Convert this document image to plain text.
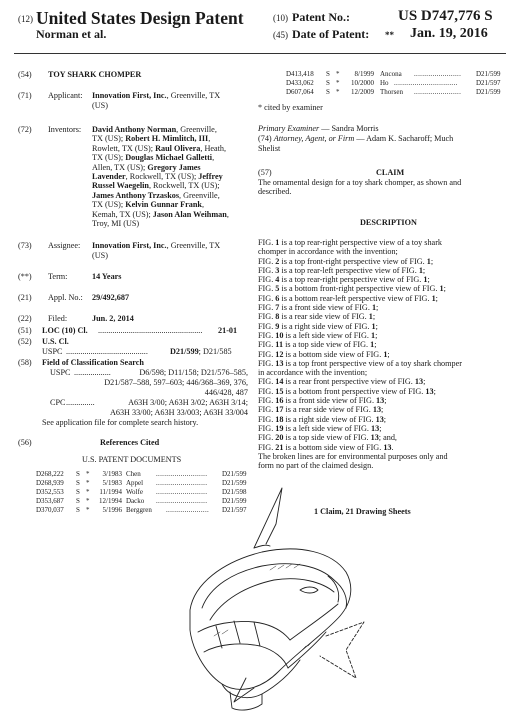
(12) United States Design Patent
Norman et al.
(10) Patent No.:	US D747,776 S
(45) Date of Patent: ** Jan. 19, 2016
(54) TOY SHARK CHOMPER
(71) Applicant: Innovation First, Inc., Greenville, TX
(US)
(72) Inventors: David Anthony Norman, Greenville,
TX (US); Robert H. Mimlitch, III,
Rowlett, TX (US); Raul Olivera, Heath,
TX (US); Douglas Michael Galletti,
Allen, TX (US); Gregory James
Lavender, Rockwell, TX (US); Jeffrey
Russel Waegelin, Rockwell, TX (US);
James Anthony Trzaskos, Greenville,
TX (US); Kelvin Gunnar Frank,
Kemah, TX (US); Jason Alan Weihman,
Troy, MI (US)
(73) Assignee: Innovation First, Inc., Greenville, TX
(US)
(**) Term:	14 Years
(21) Appl. No.: 29/492,687
(22) Filed:	Jun. 2, 2014
(51) LOC (10) Cl. ................................................... 21-01
(52) U.S. Cl.
USPC ........................................	D21/599; D21/585
(58) Field of Classification Search
USPC ..................	D6/598; D11/158; D21/576–585,
D21/587–588, 597–603; 446/368–369, 376,
446/428, 487
CPC ..............	A63H 3/00; A63H 3/02; A63H 3/14;
A63H 33/00; A63H 33/003; A63H 33/004
See application file for complete search history.
(56)	References Cited
U.S. PATENT DOCUMENTS
D268,222 S *	3/1983 Chen ......................... D21/599
D268,939 S *	5/1983 Appel ......................... D21/599
D352,553 S * 11/1994 Wolfe ......................... D21/598
D353,687 S * 12/1994 Dacko ......................... D21/599
D370,037 S *	5/1996 Berggren ..................... D21/597
D413,418 S *	8/1999 Ancona ....................... D21/599
D433,062 S *	10/2000 Ho ...............................	D21/597
D607,064 S *	12/2009 Thorsen ....................... D21/599
* cited by examiner
Primary Examiner — Sandra Morris
(74) Attorney, Agent, or Firm — Adam K. Sacharoff; Much
Shelist
(57)	CLAIM
The ornamental design for a toy shark chomper, as shown and
described.
DESCRIPTION
FIG. 1 is a top rear-right perspective view of a toy shark
chomper in accordance with the invention;
FIG. 2 is a top front-right perspective view of FIG. 1;
FIG. 3 is a top rear-left perspective view of FIG. 1;
FIG. 4 is a top rear-right perspective view of FIG. 1;
FIG. 5 is a bottom front-right perspective view of FIG. 1;
FIG. 6 is a bottom rear-left perspective view of FIG. 1;
FIG. 7 is a front side view of FIG. 1;
FIG. 8 is a rear side view of FIG. 1;
FIG. 9 is a right side view of FIG. 1;
FIG. 10 is a left side view of FIG. 1;
FIG. 11 is a top side view of FIG. 1;
FIG. 12 is a bottom side view of FIG. 1;
FIG. 13 is a top front perspective view of a toy shark chomper
in accordance with the invention;
FIG. 14 is a rear front perspective view of FIG. 13;
FIG. 15 is a bottom front perspective view of FIG. 13;
FIG. 16 is a front side view of FIG. 13;
FIG. 17 is a rear side view of FIG. 13;
FIG. 18 is a right side view of FIG. 13;
FIG. 19 is a left side view of FIG. 13;
FIG. 20 is a top side view of FIG. 13; and,
FIG. 21 is a bottom side view of FIG. 13.
The broken lines are for environmental purposes only and
form no part of the claimed design.
1 Claim, 21 Drawing Sheets
